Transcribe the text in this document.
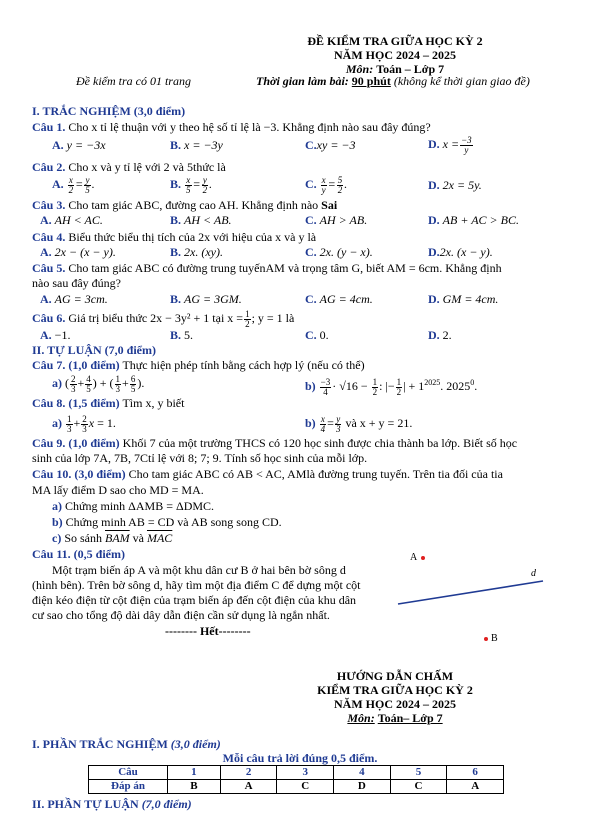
ĐỀ KIỂM TRA GIỮA HỌC KỲ 2
NĂM HỌC 2024 – 2025
Môn: Toán – Lớp 7
Đề kiểm tra có 01 trang	Thời gian làm bài: 90 phút (không kể thời gian giao đề)
I. TRẮC NGHIỆM (3,0 điểm)
Câu 1. Cho x tỉ lệ thuận với y theo hệ số tỉ lệ là −3. Khẳng định nào sau đây đúng?
A. y = −3x	B. x = −3y	C.xy = −3	D. $x = \frac{-3}{y}$
Câu 2. Cho x và y tỉ lệ với 2 và 5thức là
A. $\frac{x}{2} = \frac{y}{5}$ .	B. $\frac{x}{5} = \frac{y}{2}$ .	C. $\frac{x}{y} = \frac{5}{2}$ .	D. 2x = 5y.
Câu 3. Cho tam giác ABC, đường cao AH. Khẳng định nào Sai
A. AH < AC.	B. AH < AB.	C. AH > AB.	D. AB + AC > BC.
Câu 4. Biểu thức biểu thị tích của 2x với hiệu của x và y là
A. 2x − (x − y).	B. 2x. (xy).	C. 2x. (y − x).	D.2x. (x − y).
Câu 5. Cho tam giác ABC có đường trung tuyếnAM và trọng tâm G, biết AM = 6cm. Khẳng định
nào sau đây đúng?
A. AG = 3cm.	B. AG = 3GM.	C. AG = 4cm.	D. GM = 4cm.
Câu 6. Giá trị biểu thức 2x − 3y² + 1 tại $x = \frac{1}{2}$ ; y = 1 là
A. −1.	B. 5.	C. 0.	D. 2.
II. TỰ LUẬN (7,0 điểm)
Câu 7. (1,0 điểm) Thực hiện phép tính bằng cách hợp lý (nếu có thể)
a) ( $\frac{2}{3} + \frac{4}{5}$ ) + ( $\frac{1}{3} + \frac{6}{5}$ ).	$b) \frac{-3}{4} \cdot √16 - \frac{1}{2}$ : |− $\frac{1}{2}$ | + $1^{2025}$. 2025$^0$.
Câu 8. (1,5 điểm) Tìm x, y biết
$a) \frac{1}{3} + \frac{2}{3}$ x = 1.	$b) \frac{x}{4} = \frac{y}{3}$ và x + y = 21.
Câu 9. (1,0 điểm) Khối 7 của một trường THCS có 120 học sinh được chia thành ba lớp. Biết số học
sinh của lớp 7A, 7B, 7Ctỉ lệ với 8; 7; 9. Tính số học sinh của mỗi lớp.
Câu 10. (3,0 điểm) Cho tam giác ABC có AB < AC, AMlà đường trung tuyến. Trên tia đối của tia
MA lấy điểm D sao cho MD = MA.
a) Chứng minh ΔAMB = ΔDMC.
b) Chứng minh AB = CD và AB song song CD.
c) So sánh $\overline{BAM}$ và $\overline{MAC}$
Câu 11. (0,5 điểm)
Một trạm biến áp A và một khu dân cư B ở hai bên bờ sông d
(hình bên). Trên bờ sông d, hãy tìm một địa điểm C để dựng một cột
điện kéo điện từ cột điện của trạm biến áp đến cột điện của khu dân
cư sao cho tổng độ dài dây dẫn điện cần sử dụng là ngắn nhất.
A
d
B
-------- Hết--------
HƯỚNG DẪN CHẤM
KIỂM TRA GIỮA HỌC KỲ 2
NĂM HỌC 2024 – 2025
Môn: Toán– Lớp 7
I. PHẦN TRẮC NGHIỆM (3,0 điểm)
Mỗi câu trả lời đúng 0,5 điểm.
Câu	1	2	3	4	5	6
Đáp án	B	A	C	D	C	A
II. PHẦN TỰ LUẬN (7,0 điểm)
